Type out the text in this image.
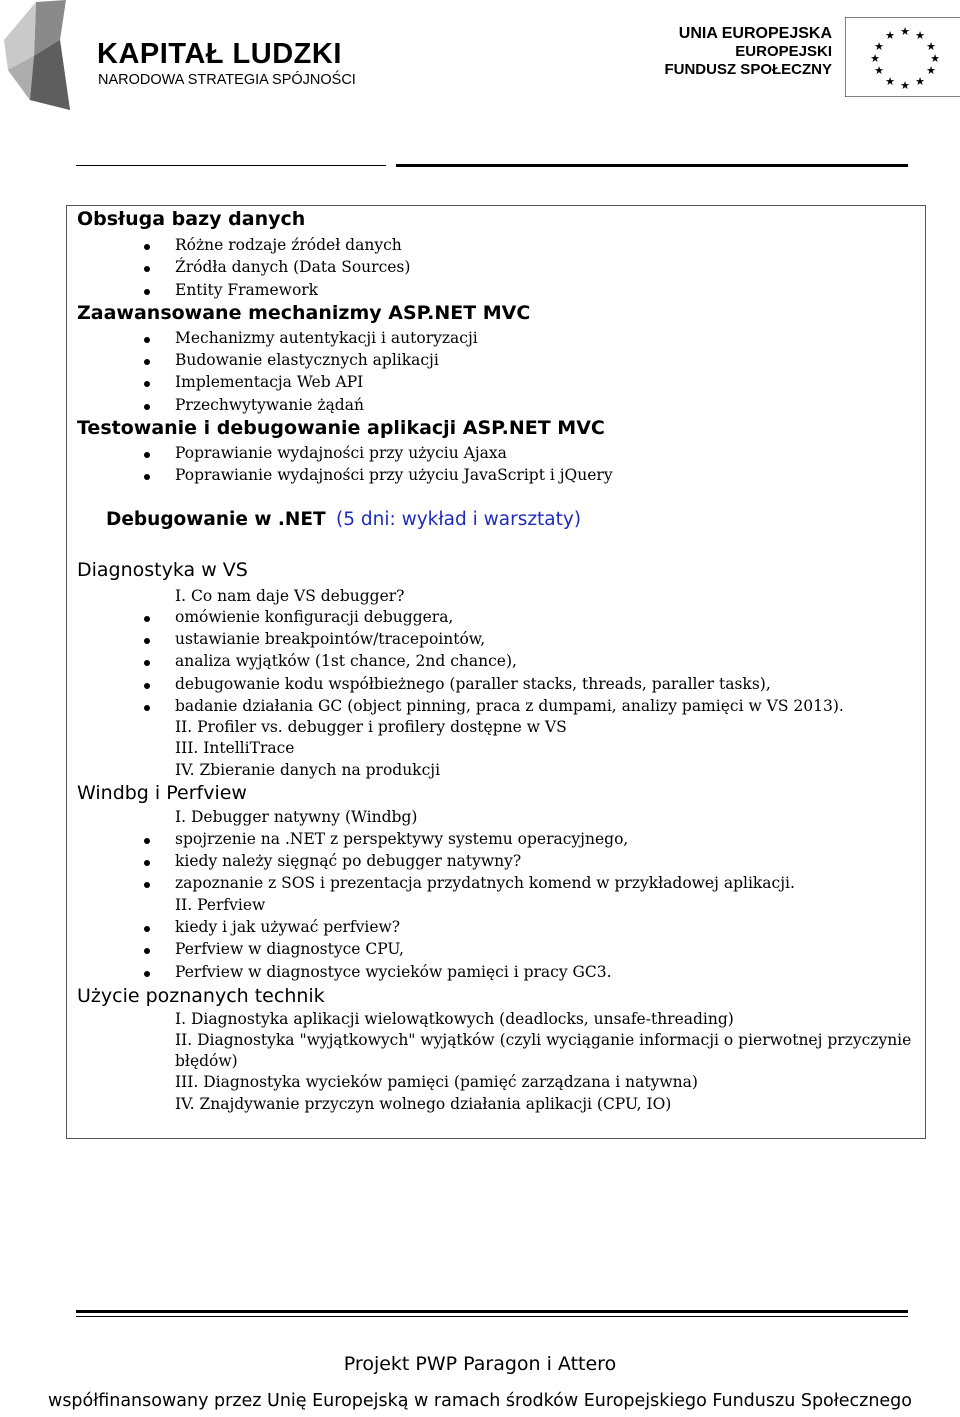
KAPITAŁ LUDZKI
NARODOWA STRATEGIA SPÓJNOŚCI
UNIA EUROPEJSKA
EUROPEJSKI
FUNDUSZ SPOŁECZNY
★ ★
★
★
★
★
★
★
★
★
★
★
Obsługa bazy danych
Różne rodzaje źródeł danych
Źródła danych (Data Sources)
Entity Framework
Zaawansowane mechanizmy ASP.NET MVC
Mechanizmy autentykacji i autoryzacji
Budowanie elastycznych aplikacji
Implementacja Web API
Przechwytywanie żądań
Testowanie i debugowanie aplikacji ASP.NET MVC
Poprawianie wydajności przy użyciu Ajaxa
Poprawianie wydajności przy użyciu JavaScript i jQuery
Debugowanie w .NET (5 dni: wykład i warsztaty)
Diagnostyka w VS
I. Co nam daje VS debugger?
omówienie konfiguracji debuggera,
ustawianie breakpointów/tracepointów,
analiza wyjątków (1st chance, 2nd chance),
debugowanie kodu współbieżnego (paraller stacks, threads, paraller tasks),
badanie działania GC (object pinning, praca z dumpami, analizy pamięci w VS 2013).
II. Profiler vs. debugger i profilery dostępne w VS
III. IntelliTrace
IV. Zbieranie danych na produkcji
Windbg i Perfview
I. Debugger natywny (Windbg)
spojrzenie na .NET z perspektywy systemu operacyjnego,
kiedy należy sięgnąć po debugger natywny?
zapoznanie z SOS i prezentacja przydatnych komend w przykładowej aplikacji.
II. Perfview
kiedy i jak używać perfview?
Perfview w diagnostyce CPU,
Perfview w diagnostyce wycieków pamięci i pracy GC3.
Użycie poznanych technik
I. Diagnostyka aplikacji wielowątkowych (deadlocks, unsafe-threading)
II. Diagnostyka "wyjątkowych" wyjątków (czyli wyciąganie informacji o pierwotnej przyczynie
błędów)
III. Diagnostyka wycieków pamięci (pamięć zarządzana i natywna)
IV. Znajdywanie przyczyn wolnego działania aplikacji (CPU, IO)
Projekt PWP Paragon i Attero
współfinansowany przez Unię Europejską w ramach środków Europejskiego Funduszu Społecznego
